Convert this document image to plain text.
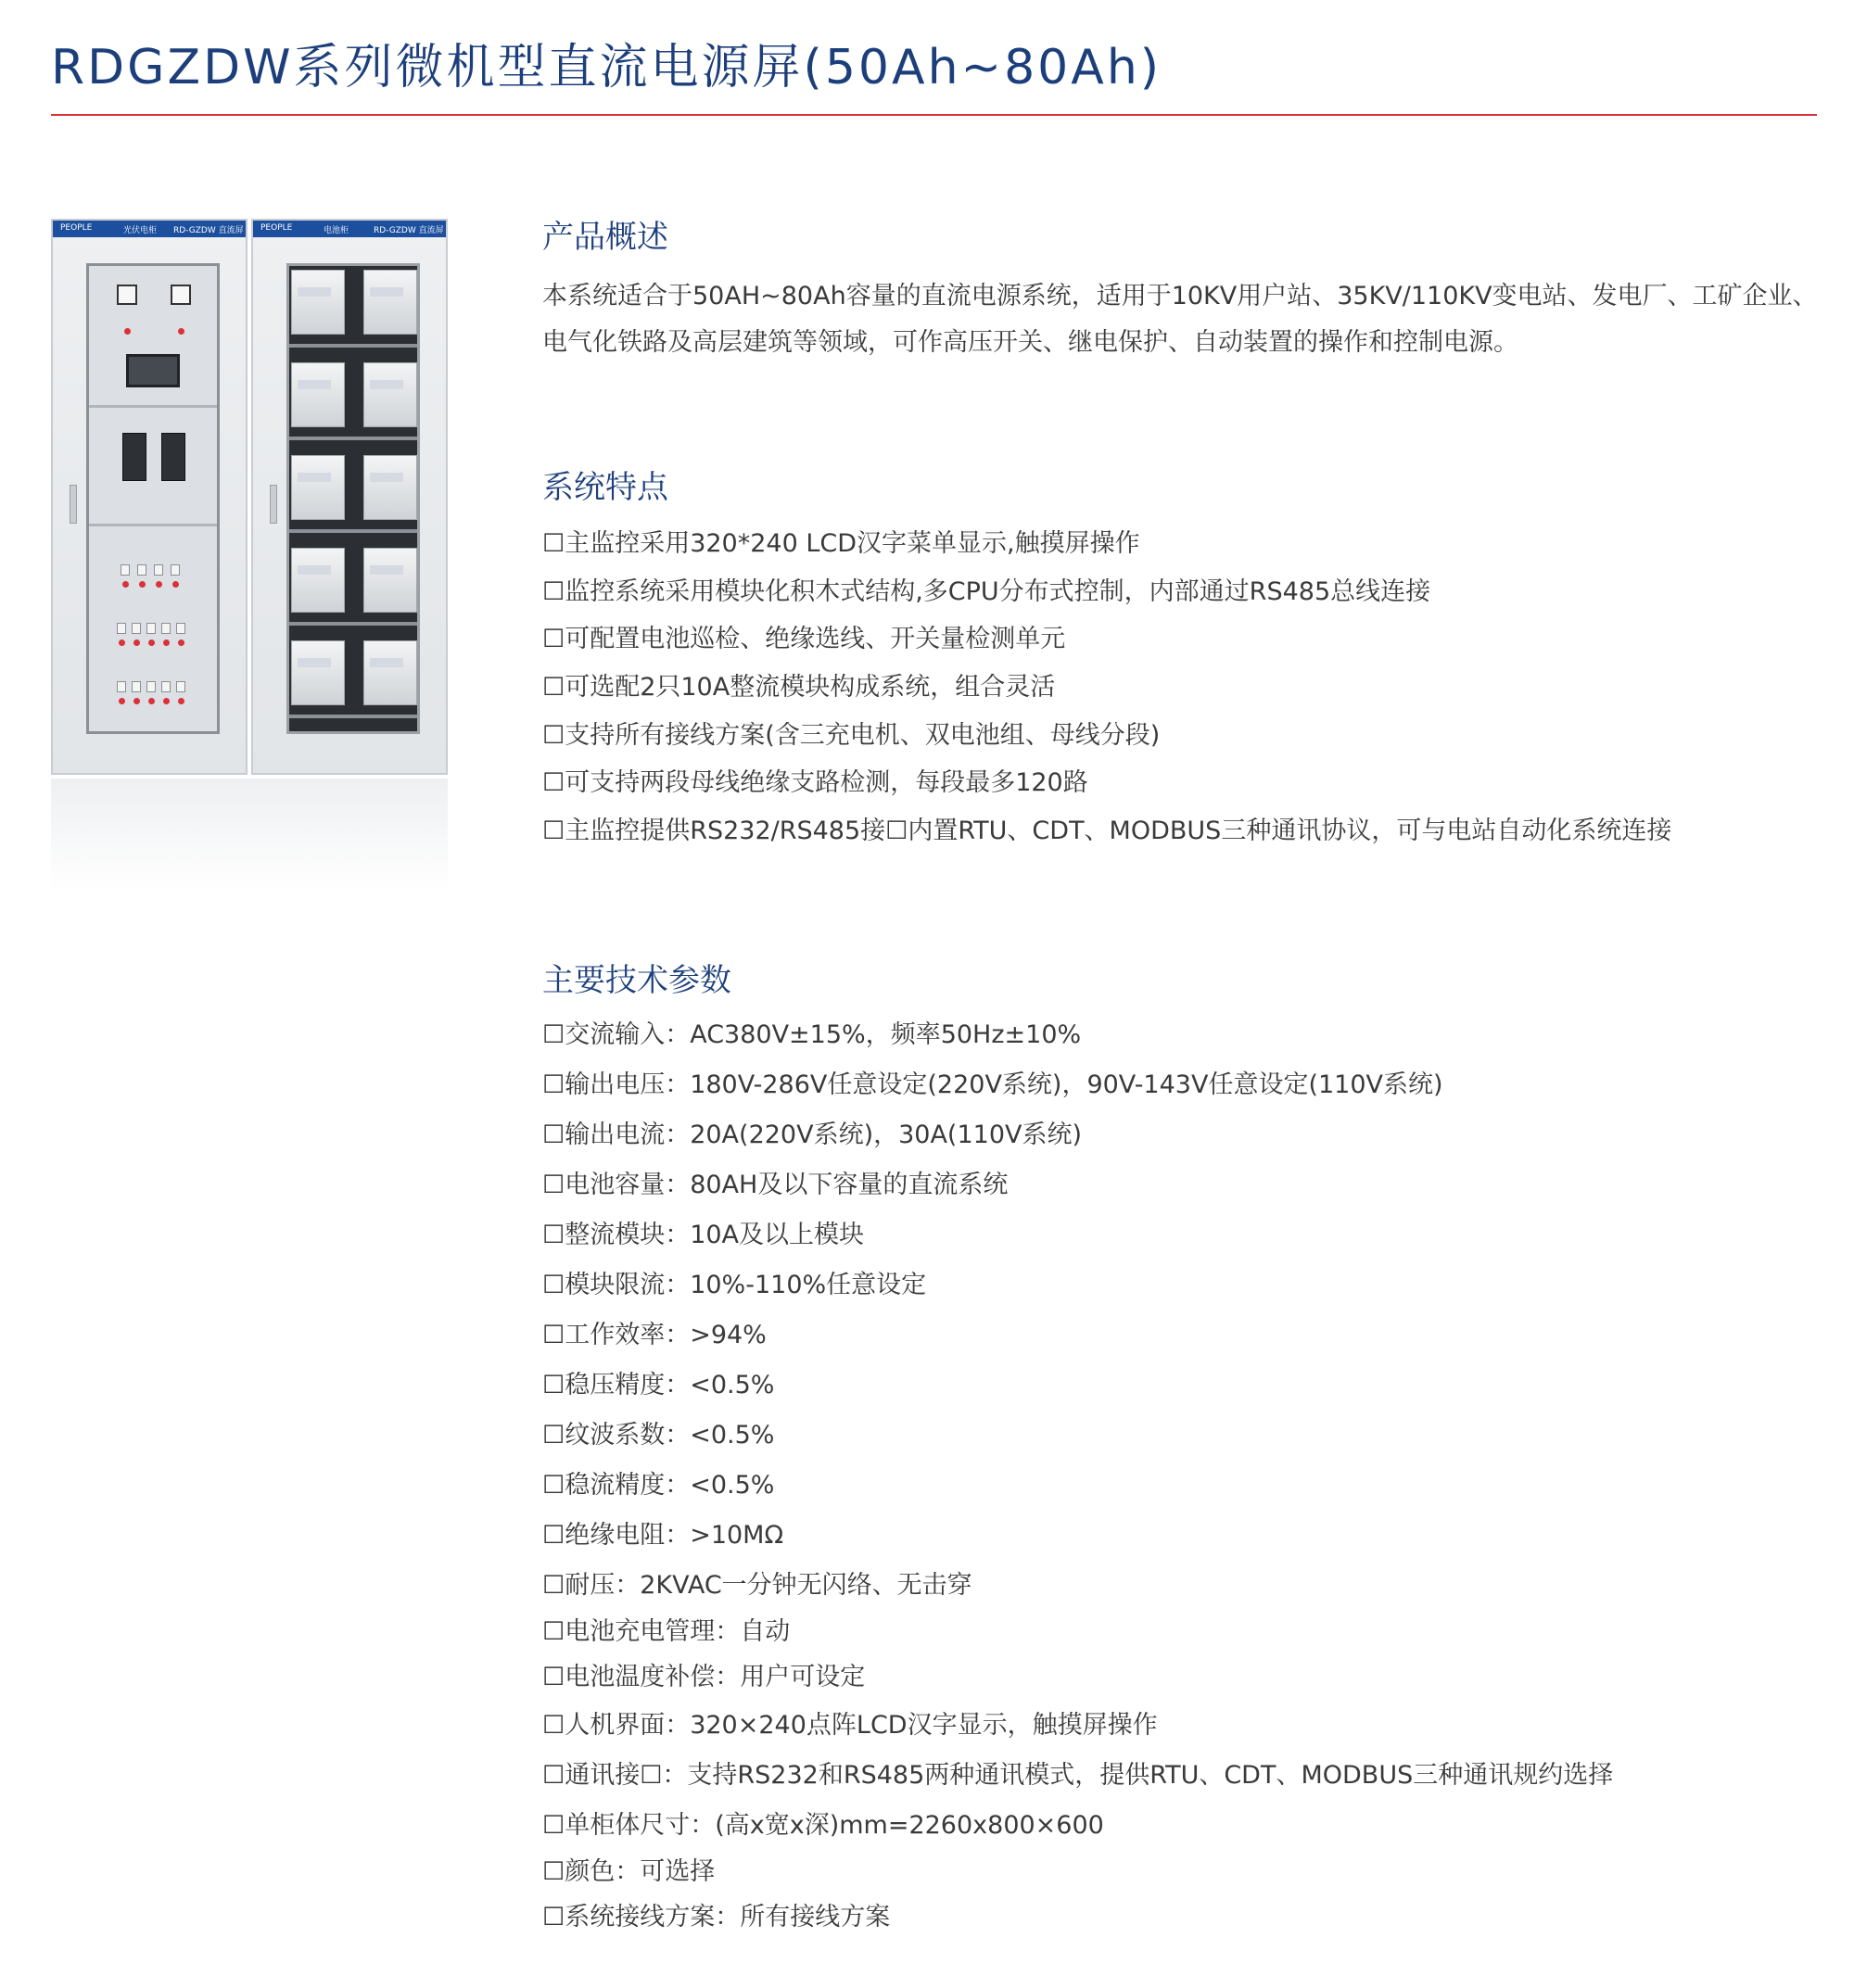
RDGZDW系列微机型直流电源屏(50Ah~80Ah)
PEOPLE	光伏电柜 RD-GZDW 直流屏 PEOPLE	电池柜	RD-GZDW 直流屏	产品概述

本系统适合于50AH~80Ah容量的直流电源系统，适用于10KV用户站、35KV/110KV变电站、发电厂、工矿企业、电气化铁路及高层建筑等领域，可作高压开关、继电保护、自动装置的操作和控制电源。

系统特点
☐主监控采用320*240 LCD汉字菜单显示,触摸屏操作
☐监控系统采用模块化积木式结构,多CPU分布式控制，内部通过RS485总线连接
☐可配置电池巡检、绝缘选线、开关量检测单元
☐可选配2只10A整流模块构成系统，组合灵活
☐支持所有接线方案(含三充电机、双电池组、母线分段)
☐可支持两段母线绝缘支路检测，每段最多120路
☐主监控提供RS232/RS485接☐内置RTU、CDT、MODBUS三种通讯协议，可与电站自动化系统连接
主要技术参数
☐交流输入：AC380V±15%，频率50Hz±10%
☐输出电压：180V-286V任意设定(220V系统)，90V-143V任意设定(110V系统)
☐输出电流：20A(220V系统)，30A(110V系统)
☐电池容量：80AH及以下容量的直流系统
☐整流模块：10A及以上模块
☐模块限流：10%-110%任意设定
☐工作效率：>94%
☐稳压精度：<0.5%
☐纹波系数：<0.5%
☐稳流精度：<0.5%
☐绝缘电阻：>10MΩ
☐耐压：2KVAC一分钟无闪络、无击穿
☐电池充电管理：自动
☐电池温度补偿：用户可设定
☐人机界面：320×240点阵LCD汉字显示，触摸屏操作
☐通讯接☐：支持RS232和RS485两种通讯模式，提供RTU、CDT、MODBUS三种通讯规约选择
☐单柜体尺寸：(高x宽x深)mm=2260x800×600
☐颜色：可选择
☐系统接线方案：所有接线方案
